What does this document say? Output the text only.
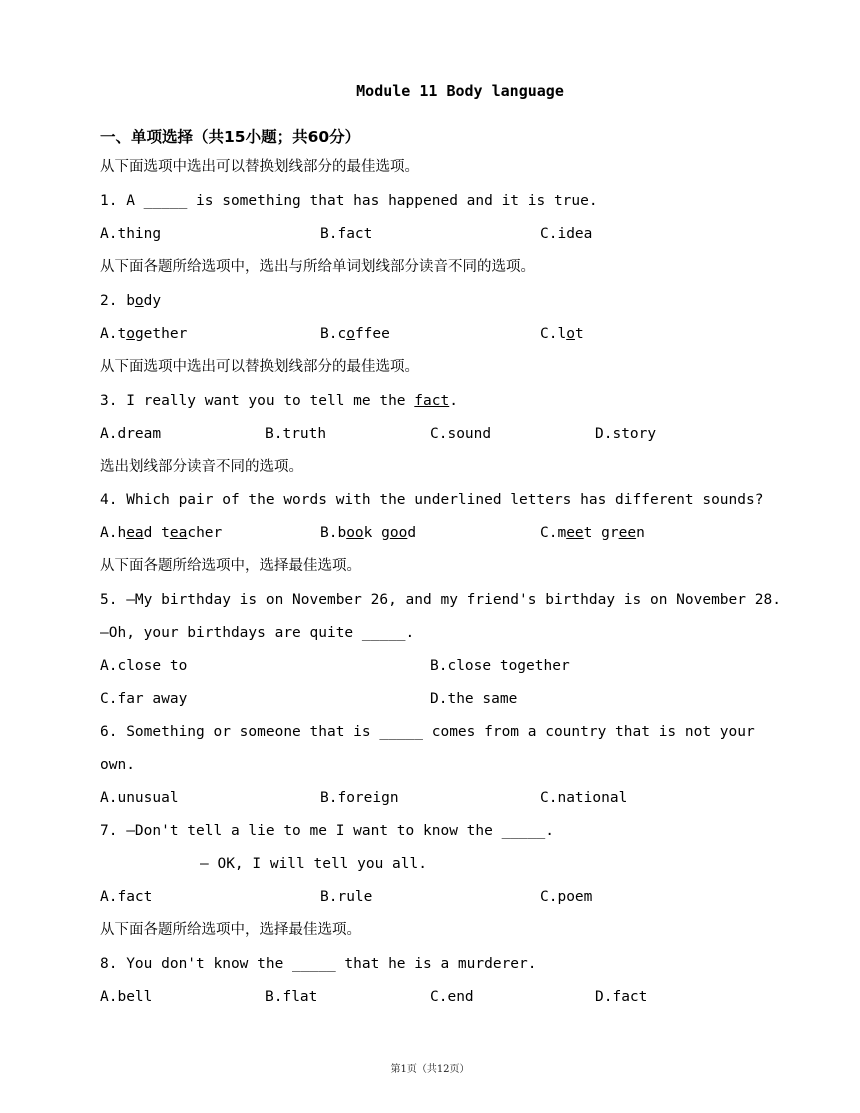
Module 11 Body language
一、单项选择（共15小题；共60分）
从下面选项中选出可以替换划线部分的最佳选项。
1. A _____ is something that has happened and it is true.
A.thing	B.fact	C.idea
从下面各题所给选项中，选出与所给单词划线部分读音不同的选项。
2. body
A.together	B.coffee	C.lot
从下面选项中选出可以替换划线部分的最佳选项。
3. I really want you to tell me the fact.
A.dream	B.truth	C.sound	D.story
选出划线部分读音不同的选项。
4. Which pair of the words with the underlined letters has different sounds?
A.head teacher	B.book good	C.meet green
从下面各题所给选项中，选择最佳选项。
5. —My birthday is on November 26, and my friend's birthday is on November 28.
—Oh, your birthdays are quite _____.
A.close to	B.close together
C.far away	D.the same
6. Something or someone that is _____ comes from a country that is not your
own.
A.unusual	B.foreign	C.national
7. —Don't tell a lie to me I want to know the _____.
— OK, I will tell you all.
A.fact	B.rule	C.poem
从下面各题所给选项中，选择最佳选项。
8. You don't know the _____ that he is a murderer.
A.bell	B.flat	C.end	D.fact
第1页（共12页）
